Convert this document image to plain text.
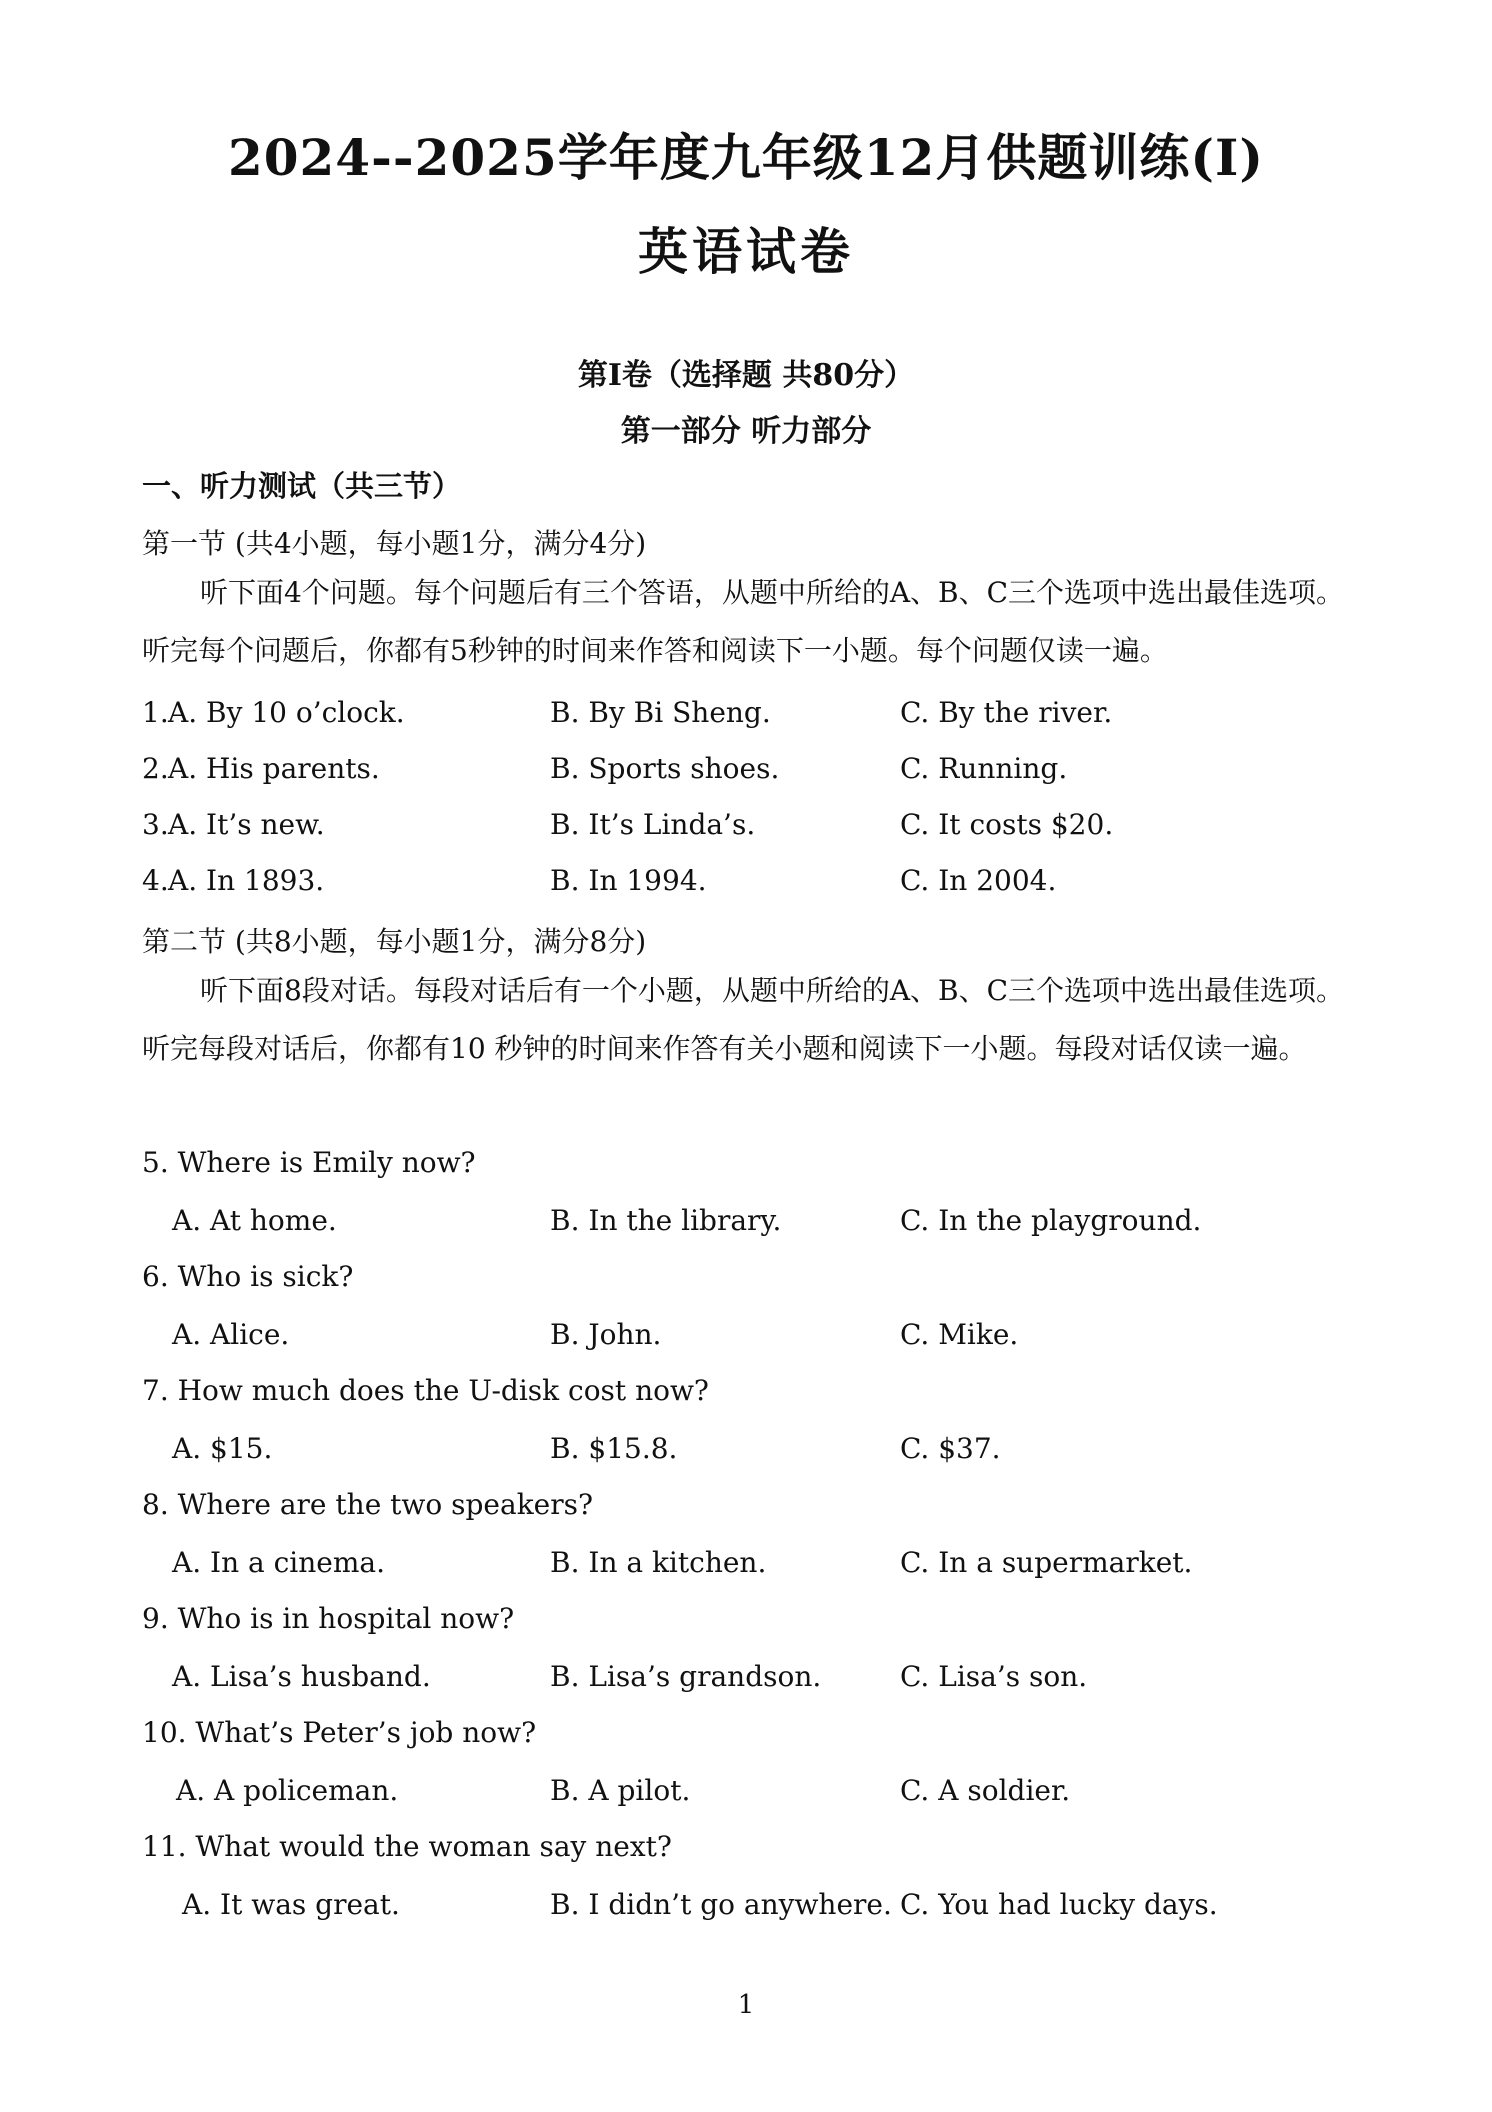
2024--2025学年度九年级12月供题训练(Ⅰ)
英语试卷
第Ⅰ卷（选择题 共80分）
第一部分 听力部分
一、听力测试（共三节）
第一节 (共4小题，每小题1分，满分4分)
听下面4个问题。每个问题后有三个答语，从题中所给的A、B、C三个选项中选出最佳选项。听完每个问题后，你都有5秒钟的时间来作答和阅读下一小题。每个问题仅读一遍。
1. A. By 10 o’clock.	B. By Bi Sheng.	C. By the river.
2. A. His parents.	B. Sports shoes.	C. Running.
3. A. It’s new.	B. It’s Linda’s.	C. It costs $20.
4. A. In 1893.	B. In 1994.	C. In 2004.
第二节 (共8小题，每小题1分，满分8分)
听下面8段对话。每段对话后有一个小题，从题中所给的A、B、C三个选项中选出最佳选项。听完每段对话后，你都有10 秒钟的时间来作答有关小题和阅读下一小题。每段对话仅读一遍。
5. Where is Emily now?
A. At home.	B. In the library.	C. In the playground.
6. Who is sick?
A. Alice.	B. John.	C. Mike.
7. How much does the U-disk cost now?
A. $15.	B. $15.8.	C. $37.
8. Where are the two speakers?
A. In a cinema.	B. In a kitchen.	C. In a supermarket.
9. Who is in hospital now?
A. Lisa’s husband.	B. Lisa’s grandson.	C. Lisa’s son.
10. What’s Peter’s job now?
A. A policeman.	B. A pilot.	C. A soldier.
11. What would the woman say next?
A. It was great.	B. I didn’t go anywhere. C. You had lucky days.
1
